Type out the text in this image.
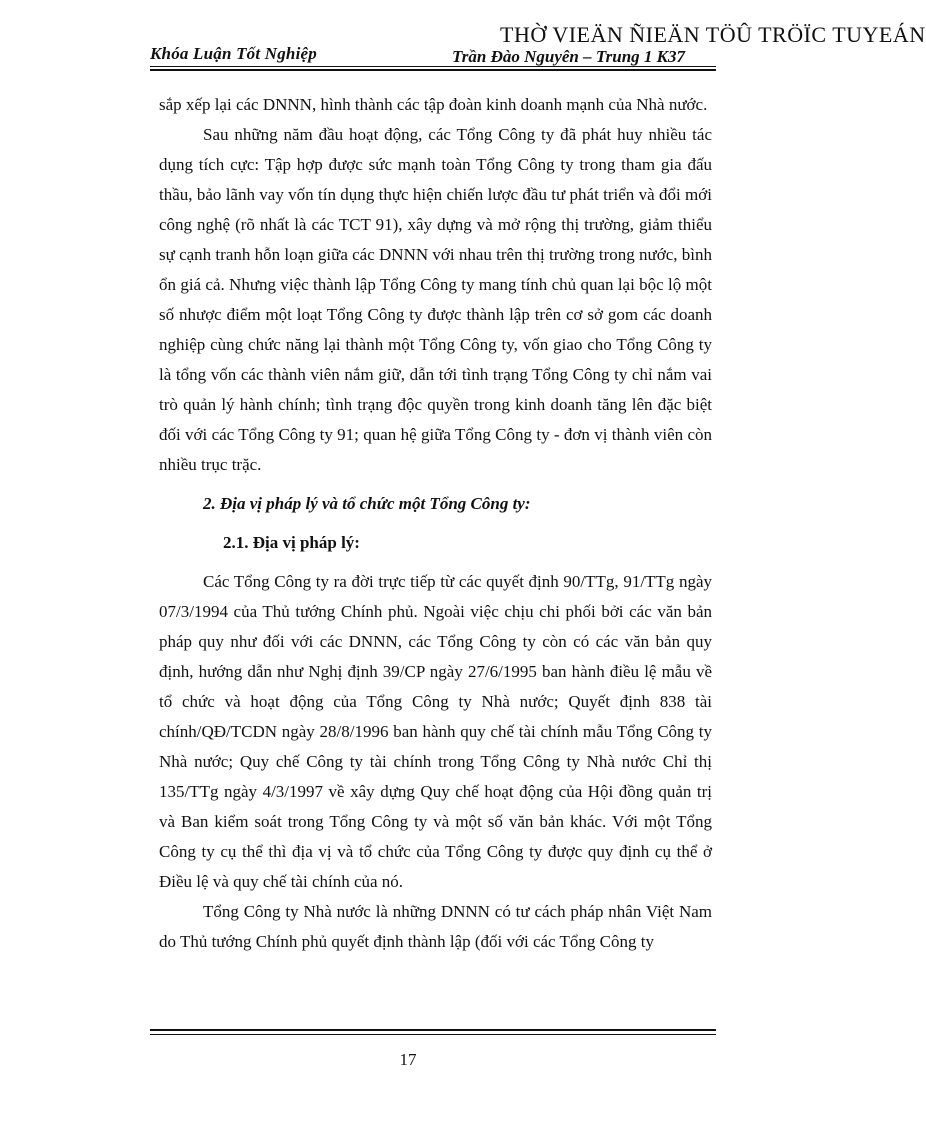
THỜ VIEÄN ÑIEÄN TÖÛ TRÖÏC TUYEÁN
Khóa Luận Tốt Nghiệp	Trần Đào Nguyên – Trung 1 K37

sắp xếp lại các DNNN, hình thành các tập đoàn kinh doanh mạnh của Nhà nước.

Sau những năm đầu hoạt động, các Tổng Công ty đã phát huy nhiều tác dụng tích cực: Tập hợp được sức mạnh toàn Tổng Công ty trong tham gia đấu thầu, bảo lãnh vay vốn tín dụng thực hiện chiến lược đầu tư phát triển và đổi mới công nghệ (rõ nhất là các TCT 91), xây dựng và mở rộng thị trường, giảm thiểu sự cạnh tranh hỗn loạn giữa các DNNN với nhau trên thị trường trong nước, bình ổn giá cả. Nhưng việc thành lập Tổng Công ty mang tính chủ quan lại bộc lộ một số nhược điểm một loạt Tổng Công ty được thành lập trên cơ sở gom các doanh nghiệp cùng chức năng lại thành một Tổng Công ty, vốn giao cho Tổng Công ty là tổng vốn các thành viên nắm giữ, dẫn tới tình trạng Tổng Công ty chỉ nắm vai trò quản lý hành chính; tình trạng độc quyền trong kinh doanh tăng lên đặc biệt đối với các Tổng Công ty 91; quan hệ giữa Tổng Công ty - đơn vị thành viên còn nhiều trục trặc.

2. Địa vị pháp lý và tổ chức một Tổng Công ty:

2.1. Địa vị pháp lý:

Các Tổng Công ty ra đời trực tiếp từ các quyết định 90/TTg, 91/TTg ngày 07/3/1994 của Thủ tướng Chính phủ. Ngoài việc chịu chi phối bởi các văn bản pháp quy như đối với các DNNN, các Tổng Công ty còn có các văn bản quy định, hướng dẫn như Nghị định 39/CP ngày 27/6/1995 ban hành điều lệ mẫu về tổ chức và hoạt động của Tổng Công ty Nhà nước; Quyết định 838 tài chính/QĐ/TCDN ngày 28/8/1996 ban hành quy chế tài chính mẫu Tổng Công ty Nhà nước; Quy chế Công ty tài chính trong Tổng Công ty Nhà nước Chỉ thị 135/TTg ngày 4/3/1997 về xây dựng Quy chế hoạt động của Hội đồng quản trị và Ban kiểm soát trong Tổng Công ty và một số văn bản khác. Với một Tổng Công ty cụ thể thì địa vị và tổ chức của Tổng Công ty được quy định cụ thể ở Điều lệ và quy chế tài chính của nó.

Tổng Công ty Nhà nước là những DNNN có tư cách pháp nhân Việt Nam do Thủ tướng Chính phủ quyết định thành lập (đối với các Tổng Công ty

17
